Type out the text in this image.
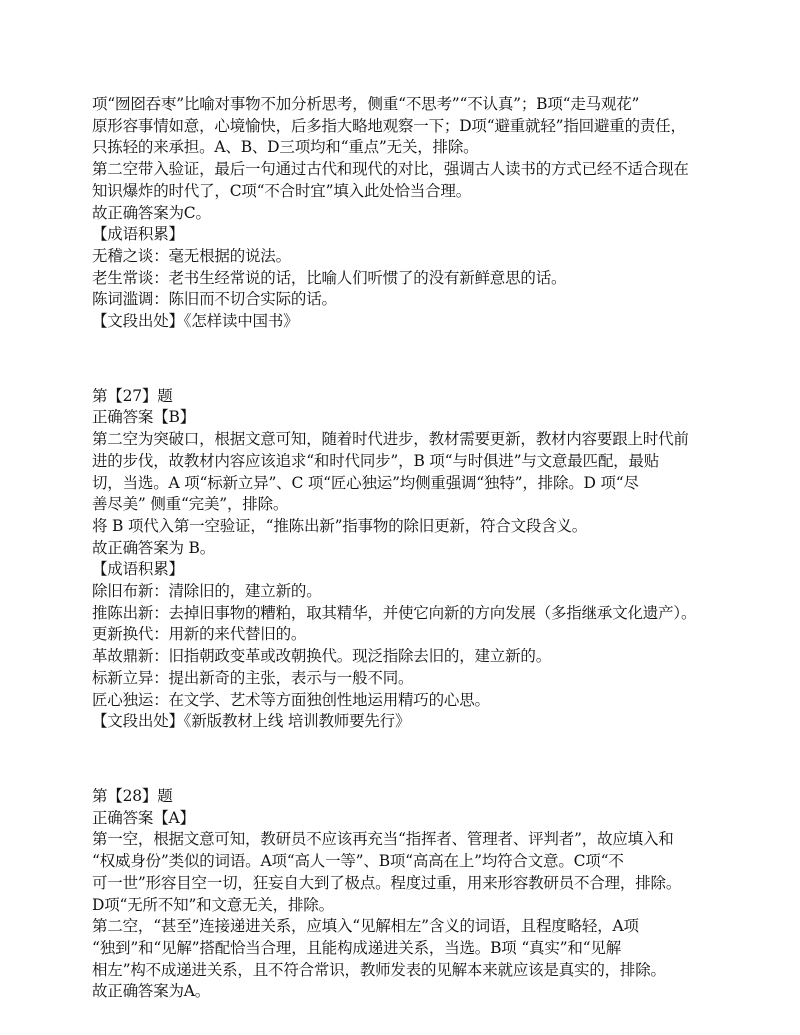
项“囫囵吞枣”比喻对事物不加分析思考，侧重“不思考”“不认真”；B项“走马观花”
原形容事情如意，心境愉快，后多指大略地观察一下；D项“避重就轻”指回避重的责任，
只拣轻的来承担。A、B、D三项均和“重点”无关，排除。
第二空带入验证，最后一句通过古代和现代的对比，强调古人读书的方式已经不适合现在
知识爆炸的时代了，C项“不合时宜”填入此处恰当合理。
故正确答案为C。
【成语积累】
无稽之谈：毫无根据的说法。
老生常谈：老书生经常说的话，比喻人们听惯了的没有新鲜意思的话。
陈词滥调：陈旧而不切合实际的话。
【文段出处】《怎样读中国书》
第【27】题
正确答案【B】
第二空为突破口，根据文意可知，随着时代进步，教材需要更新，教材内容要跟上时代前
进的步伐，故教材内容应该追求“和时代同步”，B 项“与时俱进”与文意最匹配，最贴
切，当选。A 项“标新立异”、C 项“匠心独运”均侧重强调“独特”，排除。D 项“尽
善尽美” 侧重“完美”，排除。
将 B 项代入第一空验证，“推陈出新”指事物的除旧更新，符合文段含义。
故正确答案为 B。
【成语积累】
除旧布新：清除旧的，建立新的。
推陈出新：去掉旧事物的糟粕，取其精华，并使它向新的方向发展（多指继承文化遗产）。
更新换代：用新的来代替旧的。
革故鼎新：旧指朝政变革或改朝换代。现泛指除去旧的，建立新的。
标新立异：提出新奇的主张，表示与一般不同。
匠心独运：在文学、艺术等方面独创性地运用精巧的心思。
【文段出处】《新版教材上线 培训教师要先行》
第【28】题
正确答案【A】
第一空，根据文意可知，教研员不应该再充当“指挥者、管理者、评判者”，故应填入和
“权威身份”类似的词语。A项“高人一等”、B项“高高在上”均符合文意。C项“不
可一世”形容目空一切，狂妄自大到了极点。程度过重，用来形容教研员不合理，排除。
D项“无所不知”和文意无关，排除。
第二空，“甚至”连接递进关系，应填入“见解相左”含义的词语，且程度略轻，A项
“独到”和“见解”搭配恰当合理，且能构成递进关系，当选。B项 “真实”和“见解
相左”构不成递进关系，且不符合常识，教师发表的见解本来就应该是真实的，排除。
故正确答案为A。
